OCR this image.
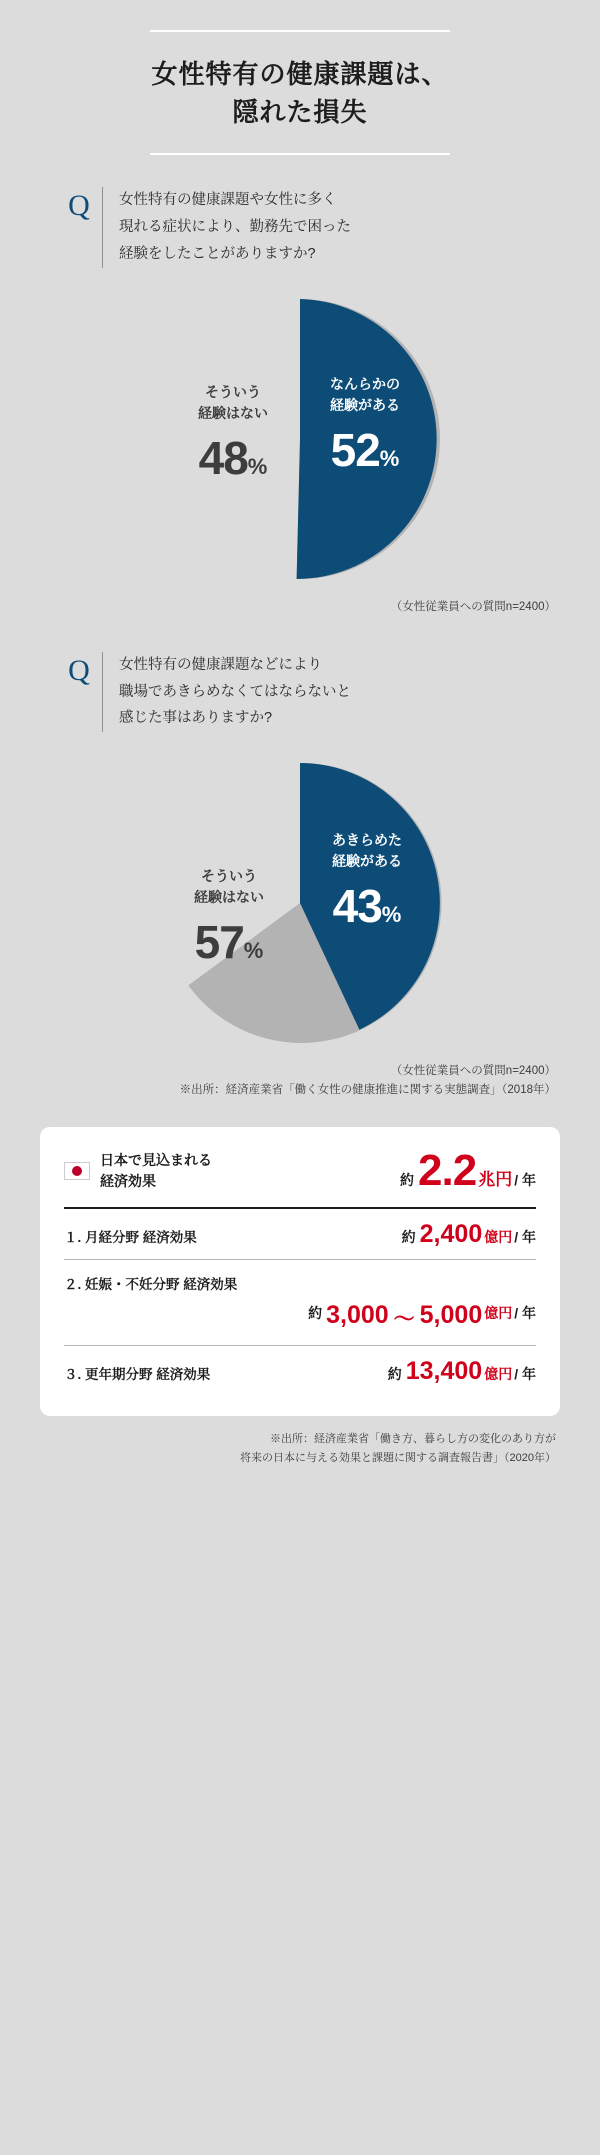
女性特有の健康課題は、
隠れた損失
Q	女性特有の健康課題や女性に多く
現れる症状により、勤務先で困った
経験をしたことがありますか?
なんらかの
経験がある
52%
そういう
経験はない
48%
（女性従業員への質問n=2400）
Q	女性特有の健康課題などにより
職場であきらめなくてはならないと
感じた事はありますか?
あきらめた
経験がある
43%
そういう
経験はない
57%
（女性従業員への質問n=2400）
※出所：経済産業省「働く女性の健康推進に関する実態調査」（2018年）
日本で見込まれる
経済効果	約 2.2 兆円 / 年
１. 月経分野 経済効果	約 2,400 億円 / 年
２. 妊娠・不妊分野 経済効果
約 3,000 〜 5,000 億円 / 年
３. 更年期分野 経済効果	約 13,400 億円 / 年
※出所：経済産業省「働き方、暮らし方の変化のあり方が
将来の日本に与える効果と課題に関する調査報告書」（2020年）
